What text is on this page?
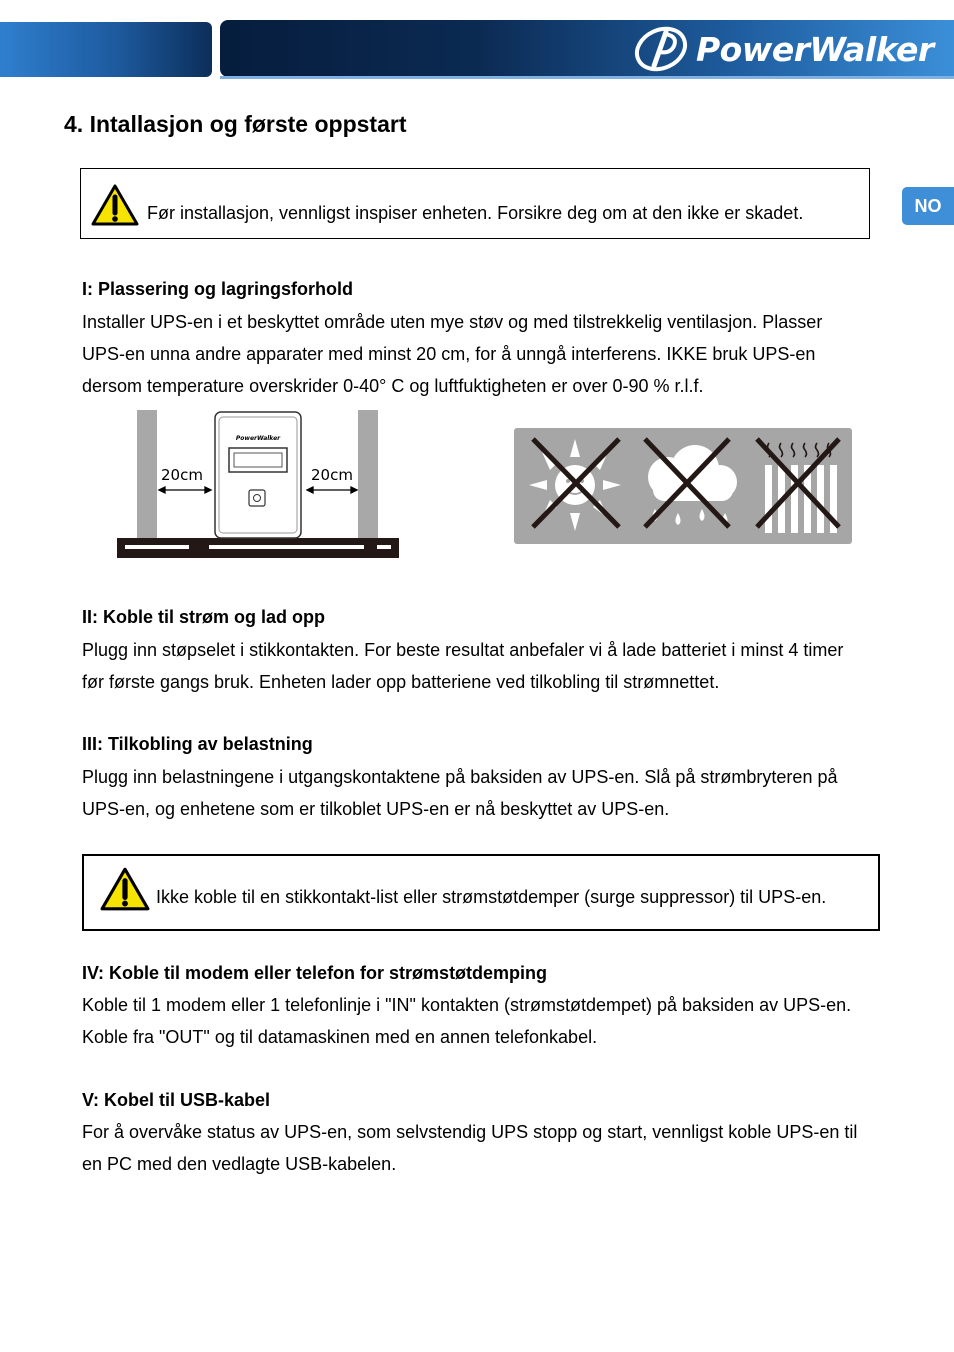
PowerWalker
NO
4. Intallasjon og første oppstart
Før installasjon, vennligst inspiser enheten. Forsikre deg om at den ikke er skadet.
I: Plassering og lagringsforhold
Installer UPS-en i et beskyttet område uten mye støv og med tilstrekkelig ventilasjon. Plasser
UPS-en unna andre apparater med minst 20 cm, for å unngå interferens. IKKE bruk UPS-en
dersom temperature overskrider 0-40° C og luftfuktigheten er over 0-90 % r.l.f.
PowerWalker
20cm	20cm
II: Koble til strøm og lad opp
Plugg inn støpselet i stikkontakten. For beste resultat anbefaler vi å lade batteriet i minst 4 timer
før første gangs bruk. Enheten lader opp batteriene ved tilkobling til strømnettet.
III: Tilkobling av belastning
Plugg inn belastningene i utgangskontaktene på baksiden av UPS-en. Slå på strømbryteren på
UPS-en, og enhetene som er tilkoblet UPS-en er nå beskyttet av UPS-en.
Ikke koble til en stikkontakt-list eller strømstøtdemper (surge suppressor) til UPS-en.
IV: Koble til modem eller telefon for strømstøtdemping
Koble til 1 modem eller 1 telefonlinje i "IN" kontakten (strømstøtdempet) på baksiden av UPS-en.
Koble fra "OUT" og til datamaskinen med en annen telefonkabel.
V: Kobel til USB-kabel
For å overvåke status av UPS-en, som selvstendig UPS stopp og start, vennligst koble UPS-en til
en PC med den vedlagte USB-kabelen.
